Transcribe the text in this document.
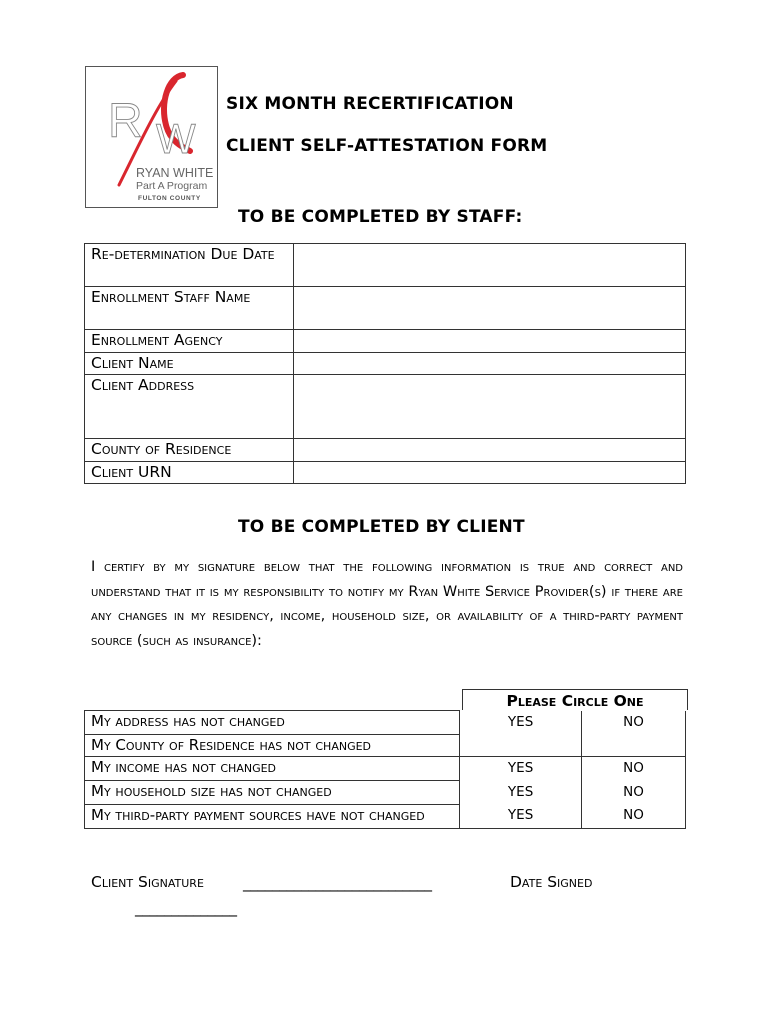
R W
RYAN WHITE
Part A Program
FULTON COUNTY
SIX MONTH RECERTIFICATION
CLIENT SELF-ATTESTATION FORM
TO BE COMPLETED BY STAFF:
Re-determination Due Date	
Enrollment Staff Name	
Enrollment Agency	
Client Name	
Client Address	
County of Residence	
Client URN	
TO BE COMPLETED BY CLIENT
I certify by my signature below that the following information is true and correct and understand that it is my responsibility to notify my Ryan White Service Provider(s) if there are any changes in my residency, income, household size, or availability of a third-party payment source (such as insurance):
Please Circle One
My address has not changed	YES	NO
My County of Residence has not changed		
My income has not changed	YES	NO
My household size has not changed	YES	NO
My third-party payment sources have not changed	YES	NO
Client Signature	__________________________	Date Signed
______________
